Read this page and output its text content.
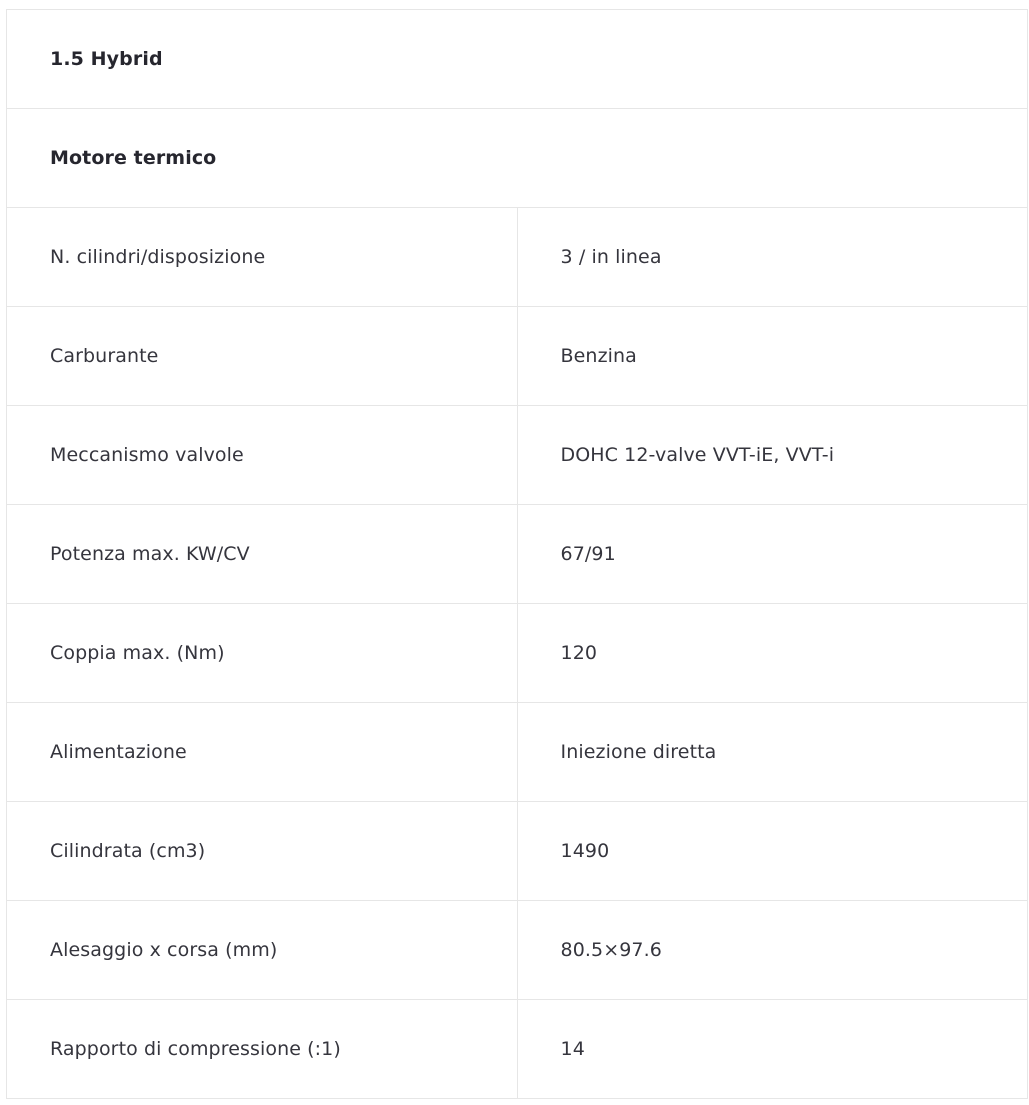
1.5 Hybrid	
Motore termico	
N. cilindri/disposizione	3 / in linea
Carburante	Benzina
Meccanismo valvole	DOHC 12-valve VVT-iE, VVT-i
Potenza max. KW/CV	67/91
Coppia max. (Nm)	120
Alimentazione	Iniezione diretta
Cilindrata (cm3)	1490
Alesaggio x corsa (mm)	80.5×97.6
Rapporto di compressione (:1)	14
